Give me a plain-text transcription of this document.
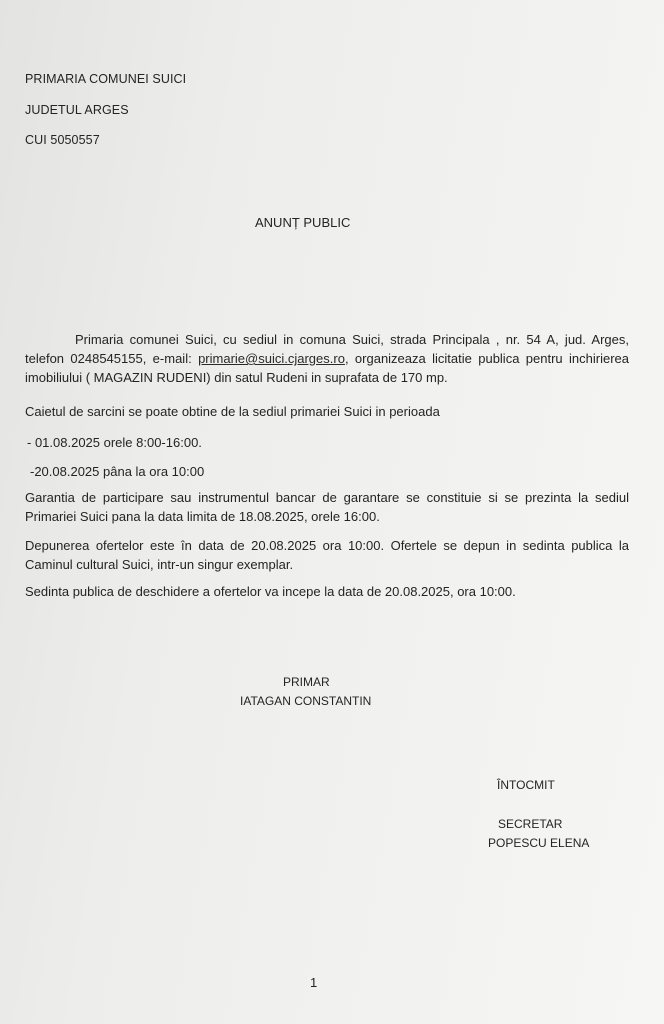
PRIMARIA COMUNEI SUICI
JUDETUL ARGES
CUI 5050557
ANUNȚ PUBLIC
Primaria comunei Suici, cu sediul in comuna Suici, strada Principala , nr. 54 A, jud. Arges, telefon 0248545155, e-mail: primarie@suici.cjarges.ro, organizeaza licitatie publica pentru inchirierea imobiliului ( MAGAZIN RUDENI) din satul Rudeni in suprafata de 170 mp.
Caietul de sarcini se poate obtine de la sediul primariei Suici in perioada
- 01.08.2025 orele 8:00-16:00.
-20.08.2025 pâna la ora 10:00
Garantia de participare sau instrumentul bancar de garantare se constituie si se prezinta la sediul Primariei Suici pana la data limita de 18.08.2025, orele 16:00.
Depunerea ofertelor este în data de 20.08.2025 ora 10:00. Ofertele se depun in sedinta publica la Caminul cultural Suici, intr-un singur exemplar.
Sedinta publica de deschidere a ofertelor va incepe la data de 20.08.2025, ora 10:00.
PRIMAR
IATAGAN CONSTANTIN
ÎNTOCMIT
SECRETAR
POPESCU ELENA
1
